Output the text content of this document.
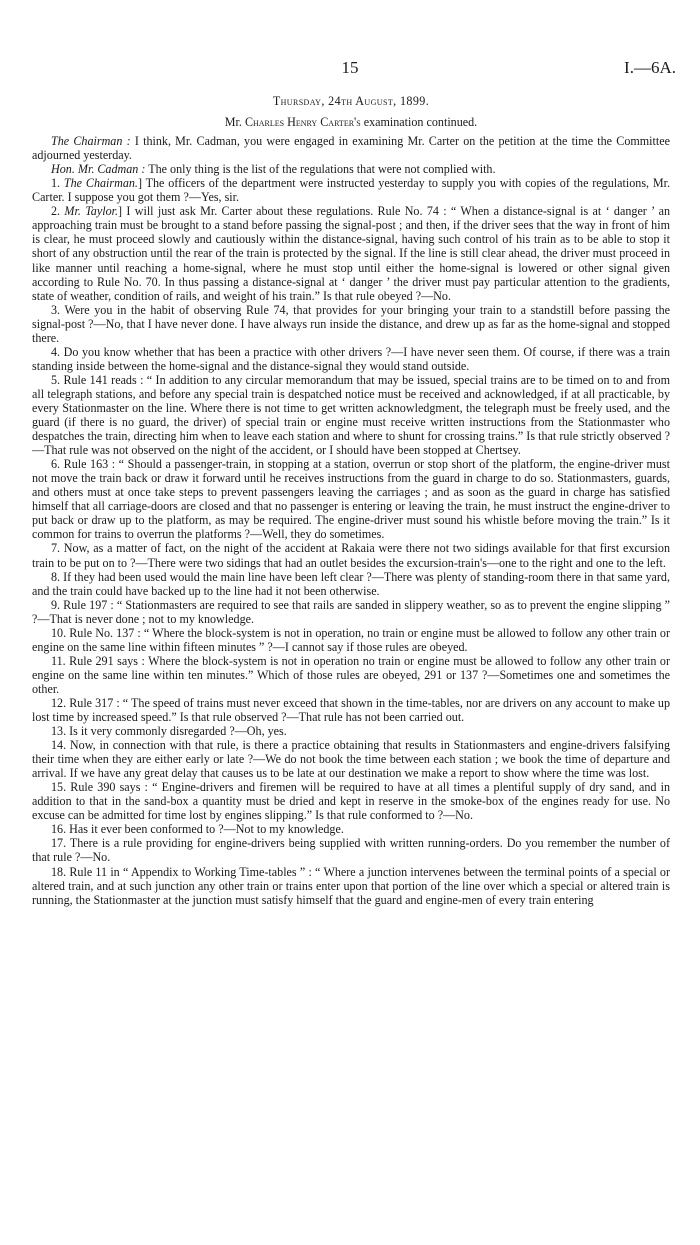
15	I.—6A.
Thursday, 24th August, 1899.
Mr. Charles Henry Carter's examination continued.

The Chairman : I think, Mr. Cadman, you were engaged in examining Mr. Carter on the petition at the time the Committee adjourned yesterday.

Hon. Mr. Cadman : The only thing is the list of the regulations that were not complied with.

1. The Chairman.] The officers of the department were instructed yesterday to supply you with copies of the regulations, Mr. Carter. I suppose you got them ?—Yes, sir.

2. Mr. Taylor.] I will just ask Mr. Carter about these regulations. Rule No. 74 : “ When a distance-signal is at ‘ danger ’ an approaching train must be brought to a stand before passing the signal-post ; and then, if the driver sees that the way in front of him is clear, he must proceed slowly and cautiously within the distance-signal, having such control of his train as to be able to stop it short of any obstruction until the rear of the train is protected by the signal. If the line is still clear ahead, the driver must proceed in like manner until reaching a home-signal, where he must stop until either the home-signal is lowered or other signal given according to Rule No. 70. In thus passing a distance-signal at ‘ danger ’ the driver must pay particular attention to the gradients, state of weather, condition of rails, and weight of his train.” Is that rule obeyed ?—No.

3. Were you in the habit of observing Rule 74, that provides for your bringing your train to a standstill before passing the signal-post ?—No, that I have never done. I have always run inside the distance, and drew up as far as the home-signal and stopped there.

4. Do you know whether that has been a practice with other drivers ?—I have never seen them. Of course, if there was a train standing inside between the home-signal and the distance-signal they would stand outside.

5. Rule 141 reads : “ In addition to any circular memorandum that may be issued, special trains are to be timed on to and from all telegraph stations, and before any special train is despatched notice must be received and acknowledged, if at all practicable, by every Stationmaster on the line. Where there is not time to get written acknowledgment, the telegraph must be freely used, and the guard (if there is no guard, the driver) of special train or engine must receive written instructions from the Stationmaster who despatches the train, directing him when to leave each station and where to shunt for crossing trains.” Is that rule strictly observed ?—That rule was not observed on the night of the accident, or I should have been stopped at Chertsey.

6. Rule 163 : “ Should a passenger-train, in stopping at a station, overrun or stop short of the platform, the engine-driver must not move the train back or draw it forward until he receives instructions from the guard in charge to do so. Stationmasters, guards, and others must at once take steps to prevent passengers leaving the carriages ; and as soon as the guard in charge has satisfied himself that all carriage-doors are closed and that no passenger is entering or leaving the train, he must instruct the engine-driver to put back or draw up to the platform, as may be required. The engine-driver must sound his whistle before moving the train.” Is it common for trains to overrun the platforms ?—Well, they do sometimes.

7. Now, as a matter of fact, on the night of the accident at Rakaia were there not two sidings available for that first excursion train to be put on to ?—There were two sidings that had an outlet besides the excursion-train's—one to the right and one to the left.

8. If they had been used would the main line have been left clear ?—There was plenty of standing-room there in that same yard, and the train could have backed up to the line had it not been otherwise.

9. Rule 197 : “ Stationmasters are required to see that rails are sanded in slippery weather, so as to prevent the engine slipping ” ?—That is never done ; not to my knowledge.

10. Rule No. 137 : “ Where the block-system is not in operation, no train or engine must be allowed to follow any other train or engine on the same line within fifteen minutes ” ?—I cannot say if those rules are obeyed.

11. Rule 291 says : Where the block-system is not in operation no train or engine must be allowed to follow any other train or engine on the same line within ten minutes.” Which of those rules are obeyed, 291 or 137 ?—Sometimes one and sometimes the other.

12. Rule 317 : “ The speed of trains must never exceed that shown in the time-tables, nor are drivers on any account to make up lost time by increased speed.” Is that rule observed ?—That rule has not been carried out.

13. Is it very commonly disregarded ?—Oh, yes.

14. Now, in connection with that rule, is there a practice obtaining that results in Stationmasters and engine-drivers falsifying their time when they are either early or late ?—We do not book the time between each station ; we book the time of departure and arrival. If we have any great delay that causes us to be late at our destination we make a report to show where the time was lost.

15. Rule 390 says : “ Engine-drivers and firemen will be required to have at all times a plentiful supply of dry sand, and in addition to that in the sand-box a quantity must be dried and kept in reserve in the smoke-box of the engines ready for use. No excuse can be admitted for time lost by engines slipping.” Is that rule conformed to ?—No.

16. Has it ever been conformed to ?—Not to my knowledge.

17. There is a rule providing for engine-drivers being supplied with written running-orders. Do you remember the number of that rule ?—No.

18. Rule 11 in “ Appendix to Working Time-tables ” : “ Where a junction intervenes between the terminal points of a special or altered train, and at such junction any other train or trains enter upon that portion of the line over which a special or altered train is running, the Stationmaster at the junction must satisfy himself that the guard and engine-men of every train entering
